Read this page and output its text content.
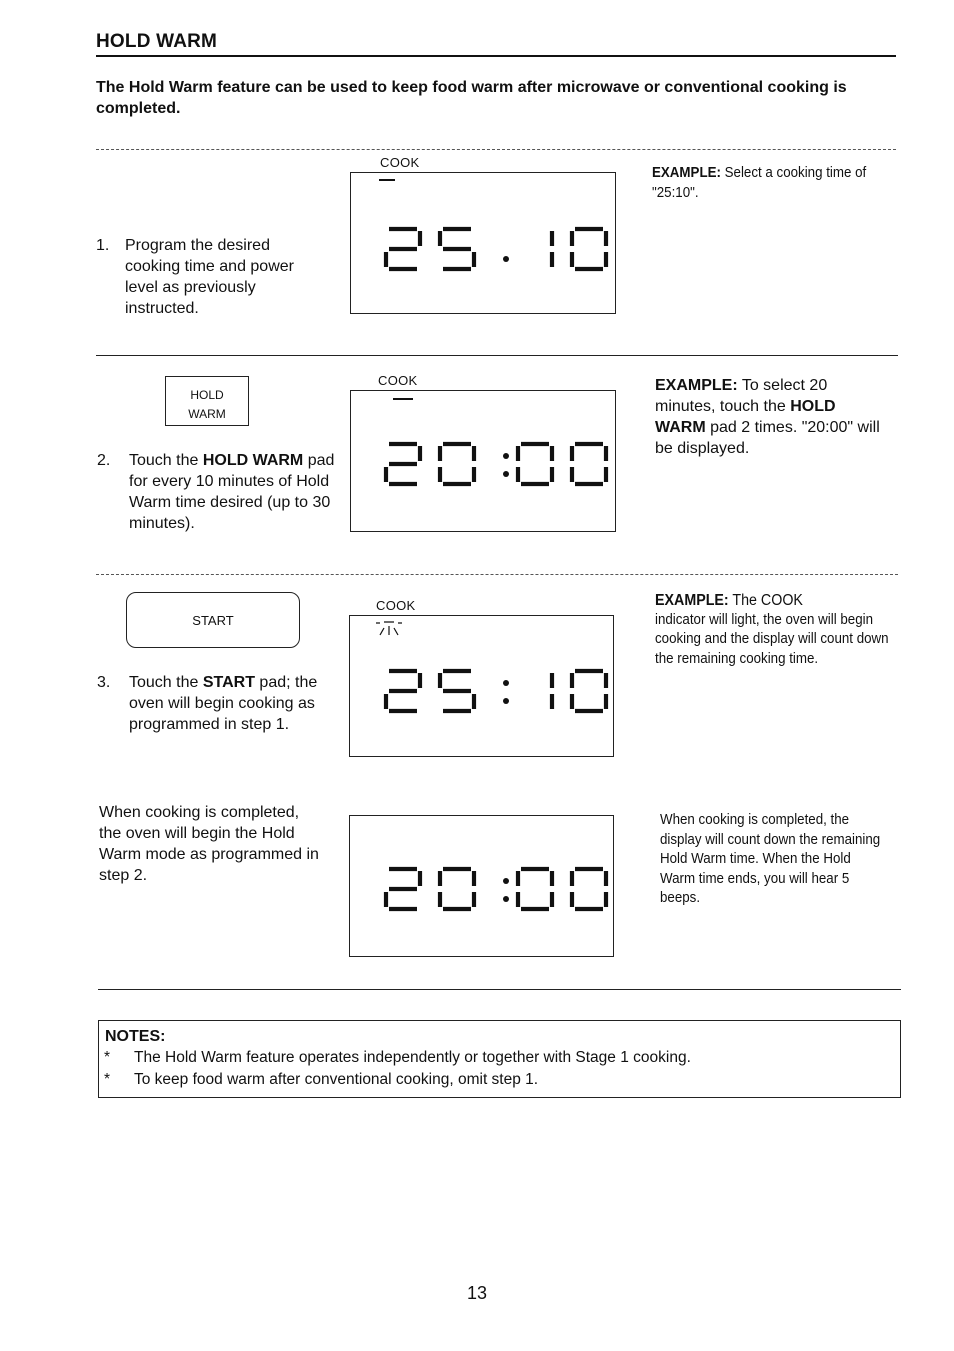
HOLD WARM
The Hold Warm feature can be used to keep food warm after microwave or conventional cooking is completed.
1. Program the desired
cooking time and power
level as previously
instructed.
COOK
EXAMPLE: Select a cooking time of "25:10".
HOLD
WARM
2. Touch the HOLD WARM pad for every 10 minutes of Hold Warm time desired (up to 30 minutes).
COOK	EXAMPLE: To select 20 minutes, touch the HOLD WARM pad 2 times. "20:00" will be displayed.
START
3. Touch the START pad; the oven will begin cooking as programmed in step 1.
COOK	EXAMPLE: The COOK
indicator will light, the oven will begin cooking and the display will count down the remaining cooking time.
When cooking is completed, the oven will begin the Hold Warm mode as programmed in step 2.
When cooking is completed, the display will count down the remaining Hold Warm time. When the Hold Warm time ends, you will hear 5 beeps.
NOTES:
* The Hold Warm feature operates independently or together with Stage 1 cooking.
* To keep food warm after conventional cooking, omit step 1.
13
